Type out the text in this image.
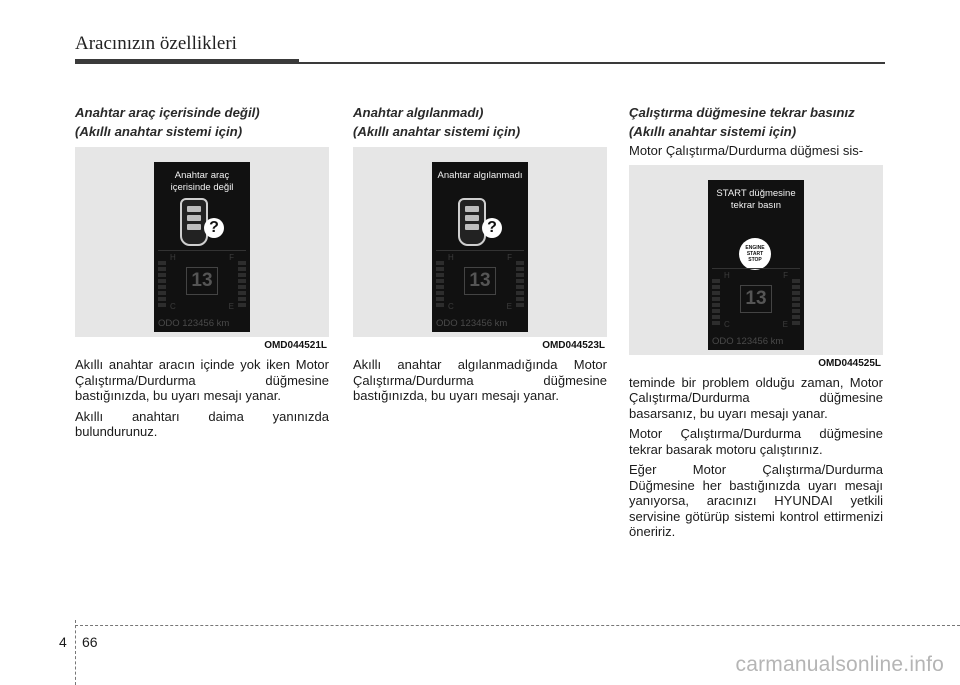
Aracınızın özellikleri

Anahtar araç içerisinde değil)

(Akıllı anahtar sistemi için)

Anahtar araç içerisinde değil
?
H
C
F
E
13
ODO 123456 km
OMD044521L

Akıllı anahtar aracın içinde yok iken Motor Çalıştırma/Durdurma düğmesine bastığınızda, bu uyarı mesajı yanar.

Akıllı anahtarı daima yanınızda bulundurunuz.

Anahtar algılanmadı)

(Akıllı anahtar sistemi için)

Anahtar algılanmadı
?
H
C
F
E
13
ODO 123456 km
OMD044523L

Akıllı anahtar algılanmadığında Motor Çalıştırma/Durdurma düğmesine bastığınızda, bu uyarı mesajı yanar.

Çalıştırma düğmesine tekrar basınız

(Akıllı anahtar sistemi için)

Motor Çalıştırma/Durdurma düğmesi sis-

START düğmesine tekrar basın
ENGINE
START
STOP
H
C
F
E
13
ODO 123456 km
OMD044525L

teminde bir problem olduğu zaman, Motor Çalıştırma/Durdurma düğmesine basarsanız, bu uyarı mesajı yanar.

Motor Çalıştırma/Durdurma düğmesine tekrar basarak motoru çalıştırınız.

Eğer Motor Çalıştırma/Durdurma Düğmesine her bastığınızda uyarı mesajı yanıyorsa, aracınızı HYUNDAI yetkili servisine götürüp sistemi kontrol ettirmenizi öneririz.

4 66
carmanualsonline.info
